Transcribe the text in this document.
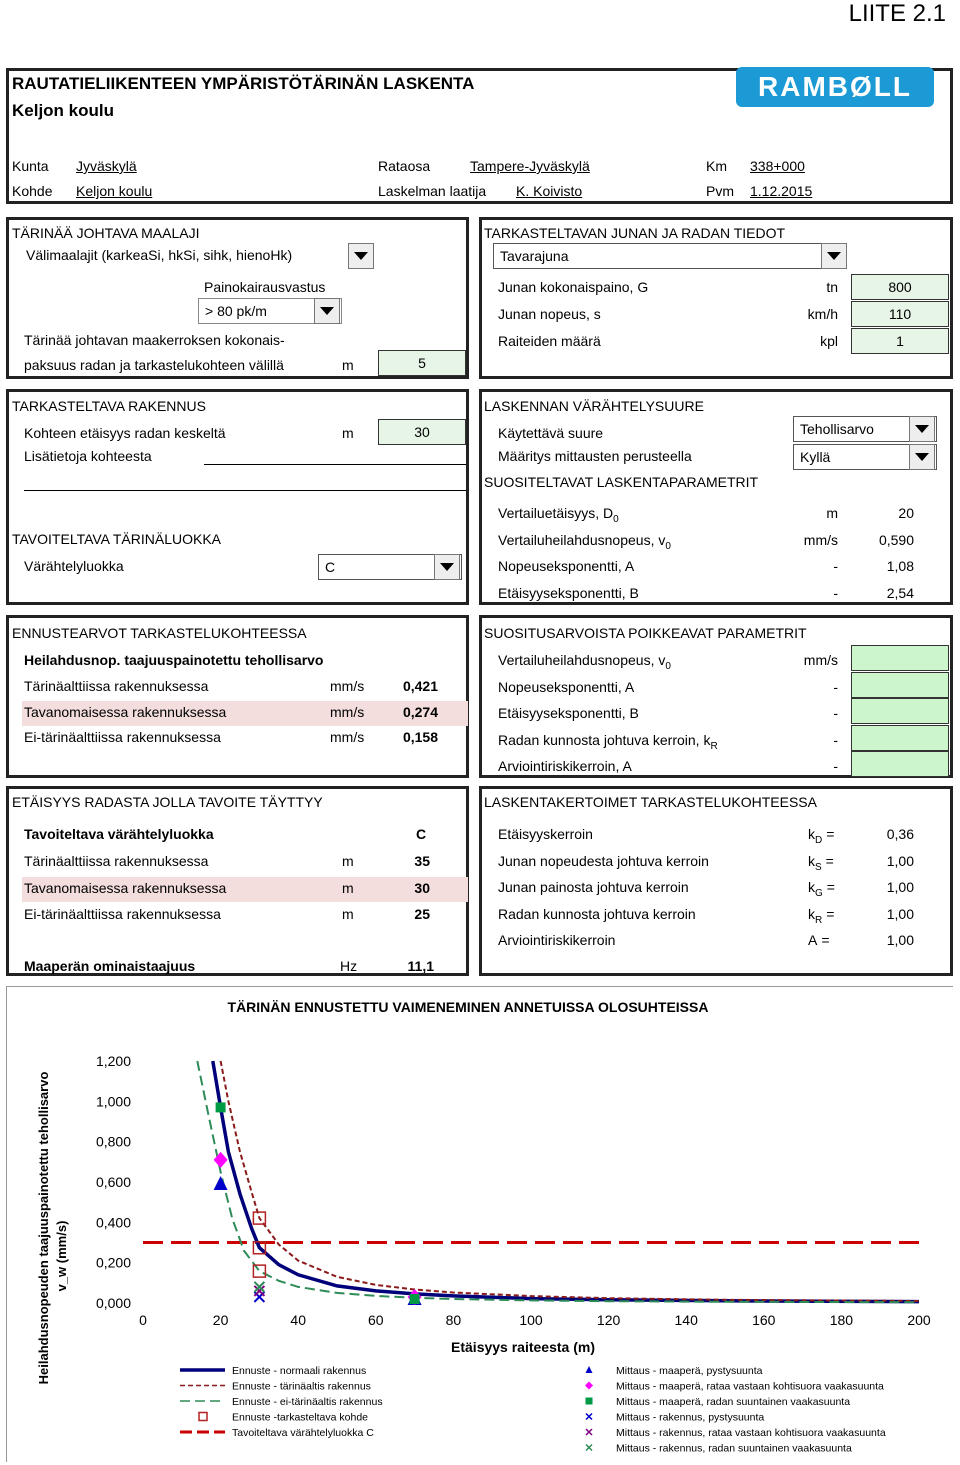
LIITE 2.1
RAUTATIELIIKENTEEN YMPÄRISTÖTÄRINÄN LASKENTA
Keljon koulu
RAMBØLL
Kunta Jyväskylä	Rataosa	Tampere-Jyväskylä	Km 338+000
Kohde Keljon koulu	Laskelman laatija K. Koivisto	Pvm 1.12.2015
TÄRINÄÄ JOHTAVA MAALAJI
Välimaalajit (karkeaSi, hkSi, sihk, hienoHk)
Painokairausvastus
> 80 pk/m
Tärinää johtavan maakerroksen kokonais-
paksuus radan ja tarkastelukohteen välillä	m	5
TARKASTELTAVAN JUNAN JA RADAN TIEDOT
Tavarajuna
TARKASTELTAVA RAKENNUS
Kohteen etäisyys radan keskeltä	m	30
Lisätietoja kohteesta
TAVOITELTAVA TÄRINÄLUOKKA
Värähtelyluokka	C
LASKENNAN VÄRÄHTELYSUURE
Käytettävä suure	Tehollisarvo
Määritys mittausten perusteella	Kyllä
SUOSITELTAVAT LASKENTAPARAMETRIT
ENNUSTEARVOT TARKASTELUKOHTEESSA
Heilahdusnop. taajuuspainotettu tehollisarvo
SUOSITUSARVOISTA POIKKEAVAT PARAMETRIT
ETÄISYYS RADASTA JOLLA TAVOITE TÄYTTYY
Tavoiteltava värähtelyluokka	C
Maaperän ominaistaajuus	Hz	11,1
LASKENTAKERTOIMET TARKASTELUKOHTEESSA
TÄRINÄN ENNUSTETTU VAIMENEMINEN ANNETUISSA OLOSUHTEISSA
0,000
0,200
0,400
0,600
0,800
1,000
1,200
0	20	40	60	80	100	120	140	160	180	200
Etäisyys raiteesta (m)
Heilahdusnopeuden taajuuspainotettu tehollisarvo v_w (mm/s)
Ennuste - normaali rakennus
Ennuste - tärinäaltis rakennus
Ennuste - ei-tärinäaltis rakennus
Ennuste -tarkasteltava kohde
Tavoiteltava värähtelyluokka C
Mittaus - maaperä, pystysuunta
Mittaus - maaperä, rataa vastaan kohtisuora vaakasuunta
Mittaus - maaperä, radan suuntainen vaakasuunta
Mittaus - rakennus, pystysuunta
Mittaus - rakennus, rataa vastaan kohtisuora vaakasuunta
Mittaus - rakennus, radan suuntainen vaakasuunta
Junan kokonaispaino, G	tn	800
Junan nopeus, s	km/h	110
Raiteiden määrä	kpl	1
Vertailuetäisyys, $D_0$	m	20
Vertailuheilahdusnopeus, $v_0$	mm/s	0,590
Nopeuseksponentti, A	-	1,08
Etäisyyseksponentti, B	-	2,54
Tärinäalttiissa rakennuksessa	mm/s	0,421
Tavanomaisessa rakennuksessa	mm/s	0,274
Ei-tärinäalttiissa rakennuksessa	mm/s	0,158
Vertailuheilahdusnopeus, $v_0$	mm/s
Nopeuseksponentti, A	-
Etäisyyseksponentti, B	-
Radan kunnosta johtuva kerroin, $k_R$	-
Arviointiriskikerroin, A	-
Tärinäalttiissa rakennuksessa	m	35
Tavanomaisessa rakennuksessa	m	30
Ei-tärinäalttiissa rakennuksessa	m	25
Etäisyyskerroin	$k_D$ =	0,36
Junan nopeudesta johtuva kerroin	$k_S$ =	1,00
Junan painosta johtuva kerroin	$k_G$ =	1,00
Radan kunnosta johtuva kerroin	$k_R$ =	1,00
Arviointiriskikerroin	A =	1,00
